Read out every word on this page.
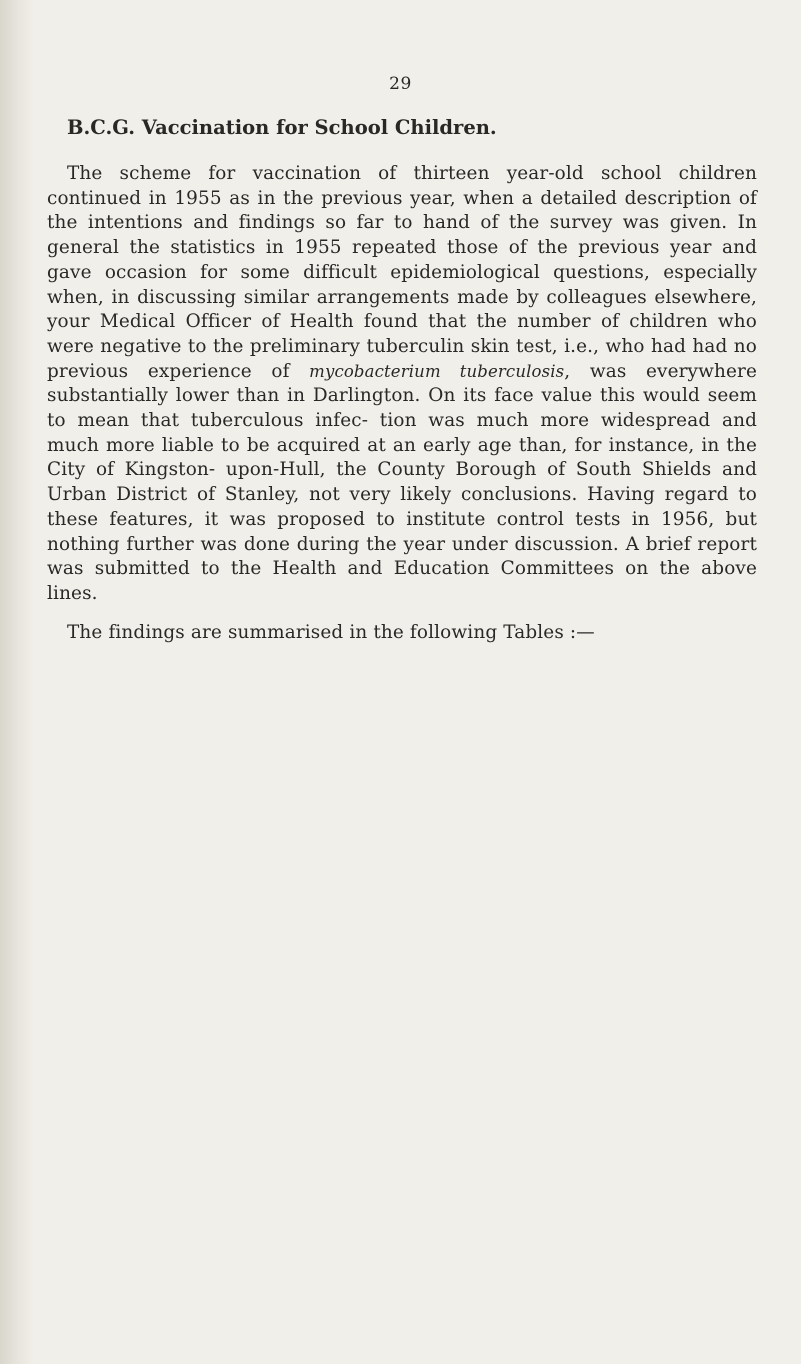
29
B.C.G. Vaccination for School Children.

The scheme for vaccination of thirteen year-old school children continued in 1955 as in the previous year, when a detailed description of the intentions and findings so far to hand of the survey was given. In general the statistics in 1955 repeated those of the previous year and gave occasion for some difficult epidemiological questions, especially when, in discussing similar arrangements made by colleagues elsewhere, your Medical Officer of Health found that the number of children who were negative to the preliminary tuberculin skin test, i.e., who had had no previous experience of mycobacterium tuberculosis, was everywhere substantially lower than in Darlington. On its face value this would seem to mean that tuberculous infec- tion was much more widespread and much more liable to be acquired at an early age than, for instance, in the City of Kingston- upon-Hull, the County Borough of South Shields and Urban District of Stanley, not very likely conclusions. Having regard to these features, it was proposed to institute control tests in 1956, but nothing further was done during the year under discussion. A brief report was submitted to the Health and Education Committees on the above lines.

The findings are summarised in the following Tables :—
